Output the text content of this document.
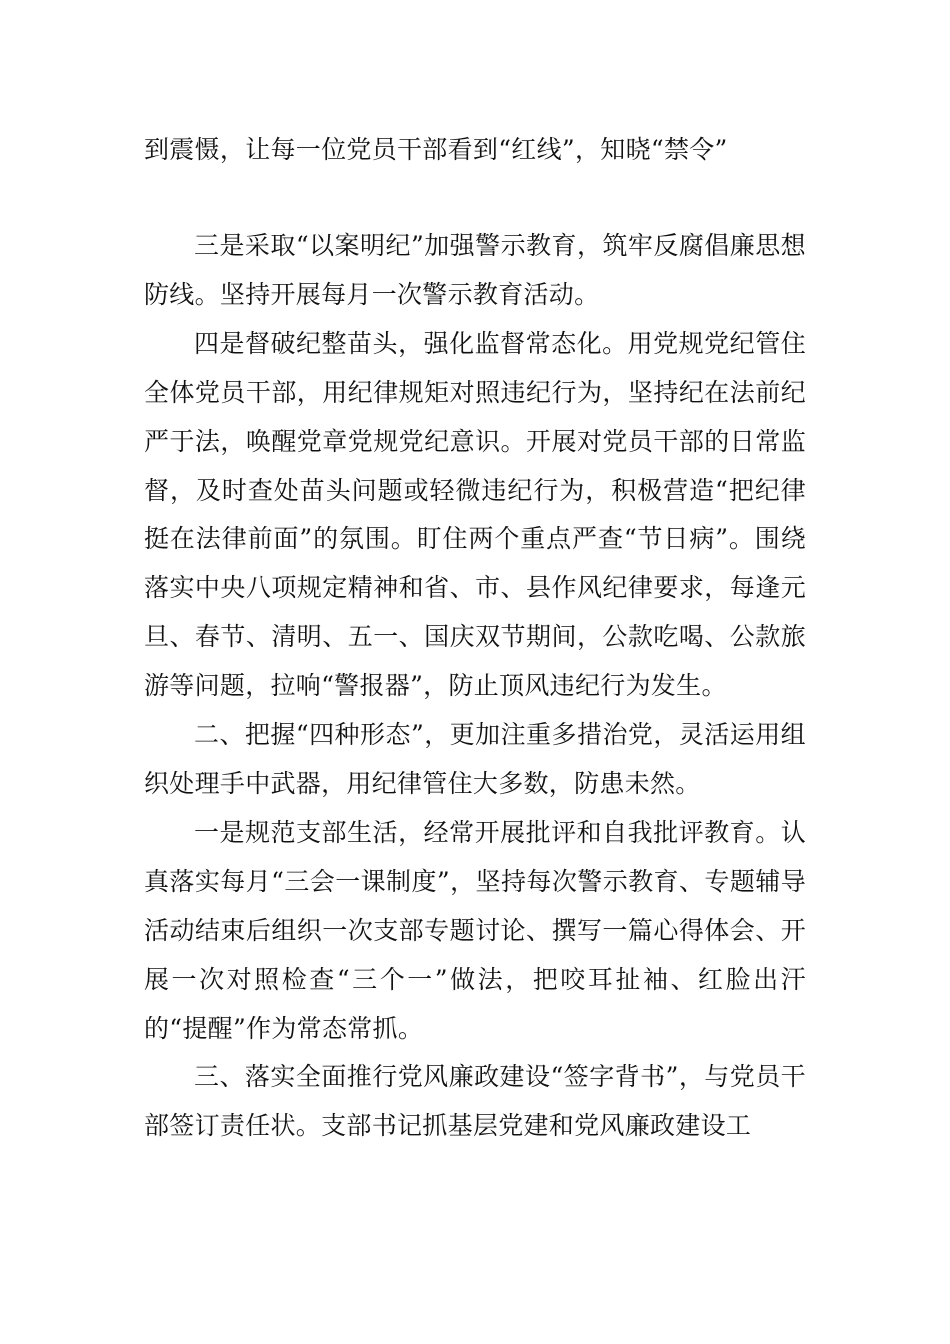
到震慑，让每一位党员干部看到“红线”，知晓“禁令”

三是采取“以案明纪”加强警示教育，筑牢反腐倡廉思想防线。坚持开展每月一次警示教育活动。

四是督破纪整苗头，强化监督常态化。用党规党纪管住全体党员干部，用纪律规矩对照违纪行为，坚持纪在法前纪严于法，唤醒党章党规党纪意识。开展对党员干部的日常监督，及时查处苗头问题或轻微违纪行为，积极营造“把纪律挺在法律前面”的氛围。盯住两个重点严查“节日病”。围绕落实中央八项规定精神和省、市、县作风纪律要求，每逢元旦、春节、清明、五一、国庆双节期间，公款吃喝、公款旅游等问题，拉响“警报器”，防止顶风违纪行为发生。

二、把握“四种形态”，更加注重多措治党，灵活运用组织处理手中武器，用纪律管住大多数，防患未然。

一是规范支部生活，经常开展批评和自我批评教育。认真落实每月“三会一课制度”，坚持每次警示教育、专题辅导活动结束后组织一次支部专题讨论、撰写一篇心得体会、开展一次对照检查“三个一”做法，把咬耳扯袖、红脸出汗的“提醒”作为常态常抓。

三、落实全面推行党风廉政建设“签字背书”，与党员干部签订责任状。支部书记抓基层党建和党风廉政建设工
